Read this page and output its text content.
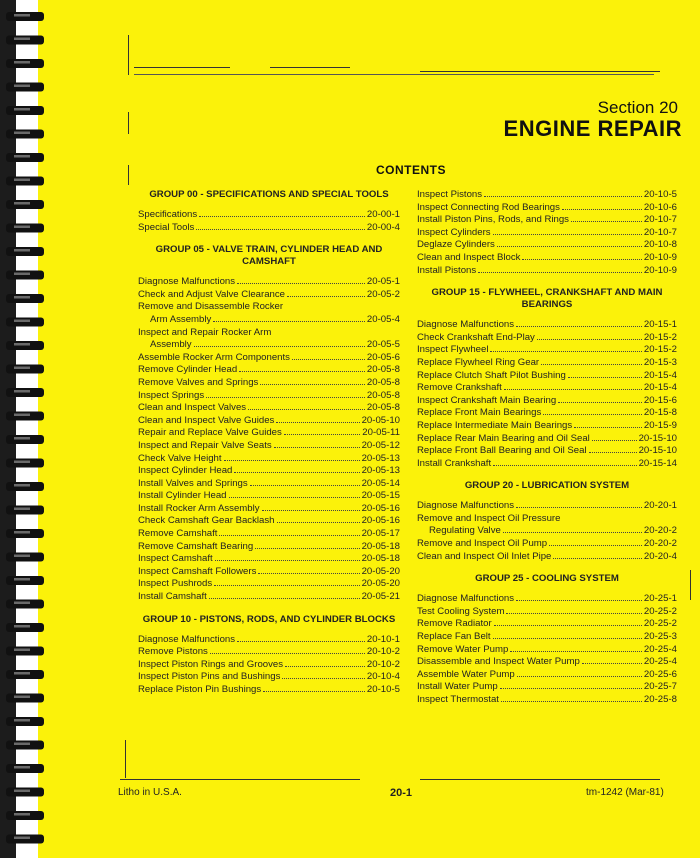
Section 20
ENGINE REPAIR
CONTENTS
GROUP 00 - SPECIFICATIONS AND SPECIAL TOOLS
Specifications	20-00-1
Special Tools	20-00-4
GROUP 05 - VALVE TRAIN, CYLINDER HEAD AND CAMSHAFT
Diagnose Malfunctions	20-05-1
Check and Adjust Valve Clearance	20-05-2
Remove and Disassemble Rocker
Arm Assembly	20-05-4
Inspect and Repair Rocker Arm
Assembly	20-05-5
Assemble Rocker Arm Components	20-05-6
Remove Cylinder Head	20-05-8
Remove Valves and Springs	20-05-8
Inspect Springs	20-05-8
Clean and Inspect Valves	20-05-8
Clean and Inspect Valve Guides	20-05-10
Repair and Replace Valve Guides	20-05-11
Inspect and Repair Valve Seats	20-05-12
Check Valve Height	20-05-13
Inspect Cylinder Head	20-05-13
Install Valves and Springs	20-05-14
Install Cylinder Head	20-05-15
Install Rocker Arm Assembly	20-05-16
Check Camshaft Gear Backlash	20-05-16
Remove Camshaft	20-05-17
Remove Camshaft Bearing	20-05-18
Inspect Camshaft	20-05-18
Inspect Camshaft Followers	20-05-20
Inspect Pushrods	20-05-20
Install Camshaft	20-05-21
GROUP 10 - PISTONS, RODS, AND CYLINDER BLOCKS
Diagnose Malfunctions	20-10-1
Remove Pistons	20-10-2
Inspect Piston Rings and Grooves	20-10-2
Inspect Piston Pins and Bushings	20-10-4
Replace Piston Pin Bushings	20-10-5
Inspect Pistons	20-10-5
Inspect Connecting Rod Bearings	20-10-6
Install Piston Pins, Rods, and Rings	20-10-7
Inspect Cylinders	20-10-7
Deglaze Cylinders	20-10-8
Clean and Inspect Block	20-10-9
Install Pistons	20-10-9
GROUP 15 - FLYWHEEL, CRANKSHAFT AND MAIN BEARINGS
Diagnose Malfunctions	20-15-1
Check Crankshaft End-Play	20-15-2
Inspect Flywheel	20-15-2
Replace Flywheel Ring Gear	20-15-3
Replace Clutch Shaft Pilot Bushing	20-15-4
Remove Crankshaft	20-15-4
Inspect Crankshaft Main Bearing	20-15-6
Replace Front Main Bearings	20-15-8
Replace Intermediate Main Bearings	20-15-9
Replace Rear Main Bearing and Oil Seal	20-15-10
Replace Front Ball Bearing and Oil Seal	20-15-10
Install Crankshaft	20-15-14
GROUP 20 - LUBRICATION SYSTEM
Diagnose Malfunctions	20-20-1
Remove and Inspect Oil Pressure
Regulating Valve	20-20-2
Remove and Inspect Oil Pump	20-20-2
Clean and Inspect Oil Inlet Pipe	20-20-4
GROUP 25 - COOLING SYSTEM
Diagnose Malfunctions	20-25-1
Test Cooling System	20-25-2
Remove Radiator	20-25-2
Replace Fan Belt	20-25-3
Remove Water Pump	20-25-4
Disassemble and Inspect Water Pump	20-25-4
Assemble Water Pump	20-25-6
Install Water Pump	20-25-7
Inspect Thermostat	20-25-8
Litho in U.S.A.	20-1	tm-1242 (Mar-81)
